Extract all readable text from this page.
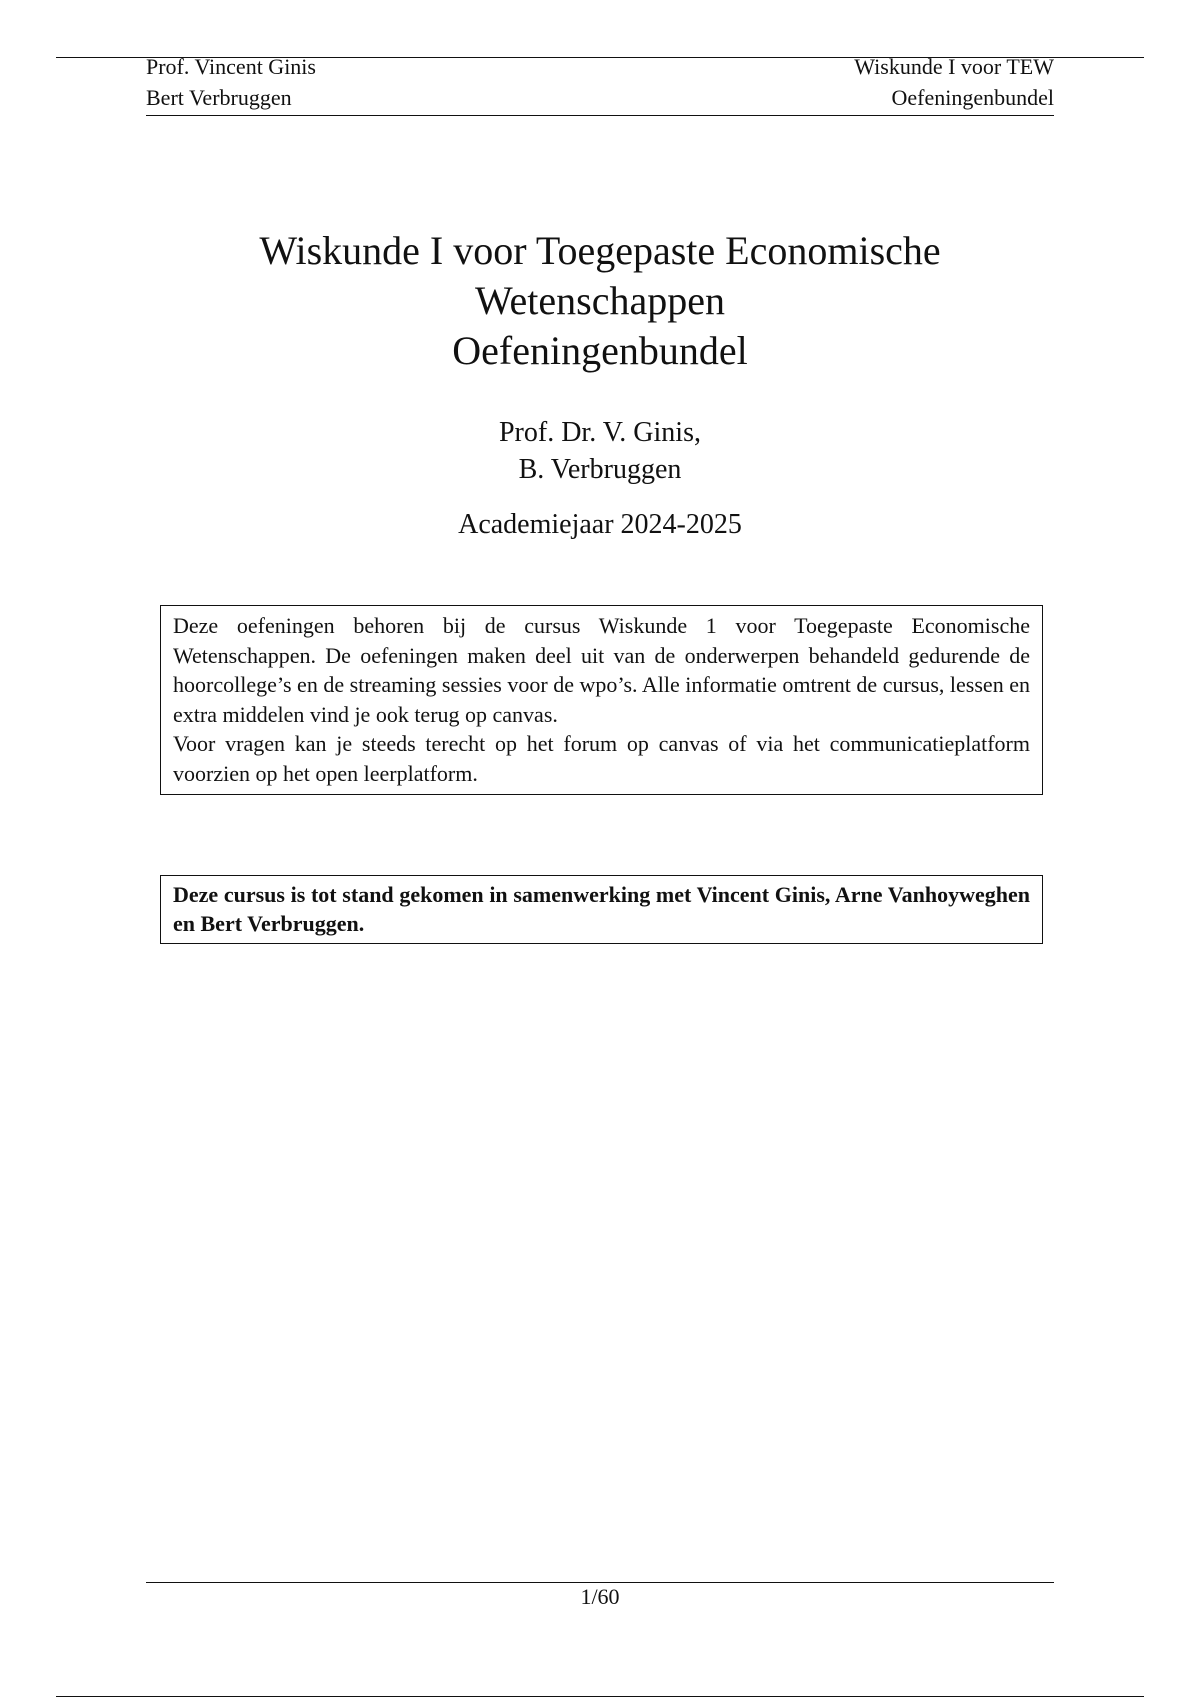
Prof. Vincent Ginis
Bert Verbruggen
Wiskunde I voor TEW
Oefeningenbundel
Wiskunde I voor Toegepaste Economische
Wetenschappen
Oefeningenbundel
Prof. Dr. V. Ginis,
B. Verbruggen
Academiejaar 2024-2025

Deze oefeningen behoren bij de cursus Wiskunde 1 voor Toegepaste Economische Wetenschappen. De oefeningen maken deel uit van de onderwerpen behandeld gedurende de hoorcollege’s en de streaming sessies voor de wpo’s. Alle informatie omtrent de cursus, lessen en extra middelen vind je ook terug op canvas.

Voor vragen kan je steeds terecht op het forum op canvas of via het communicatieplatform voorzien op het open leerplatform.

Deze cursus is tot stand gekomen in samenwerking met Vincent Ginis, Arne Vanhoyweghen en Bert Verbruggen.

1/60
